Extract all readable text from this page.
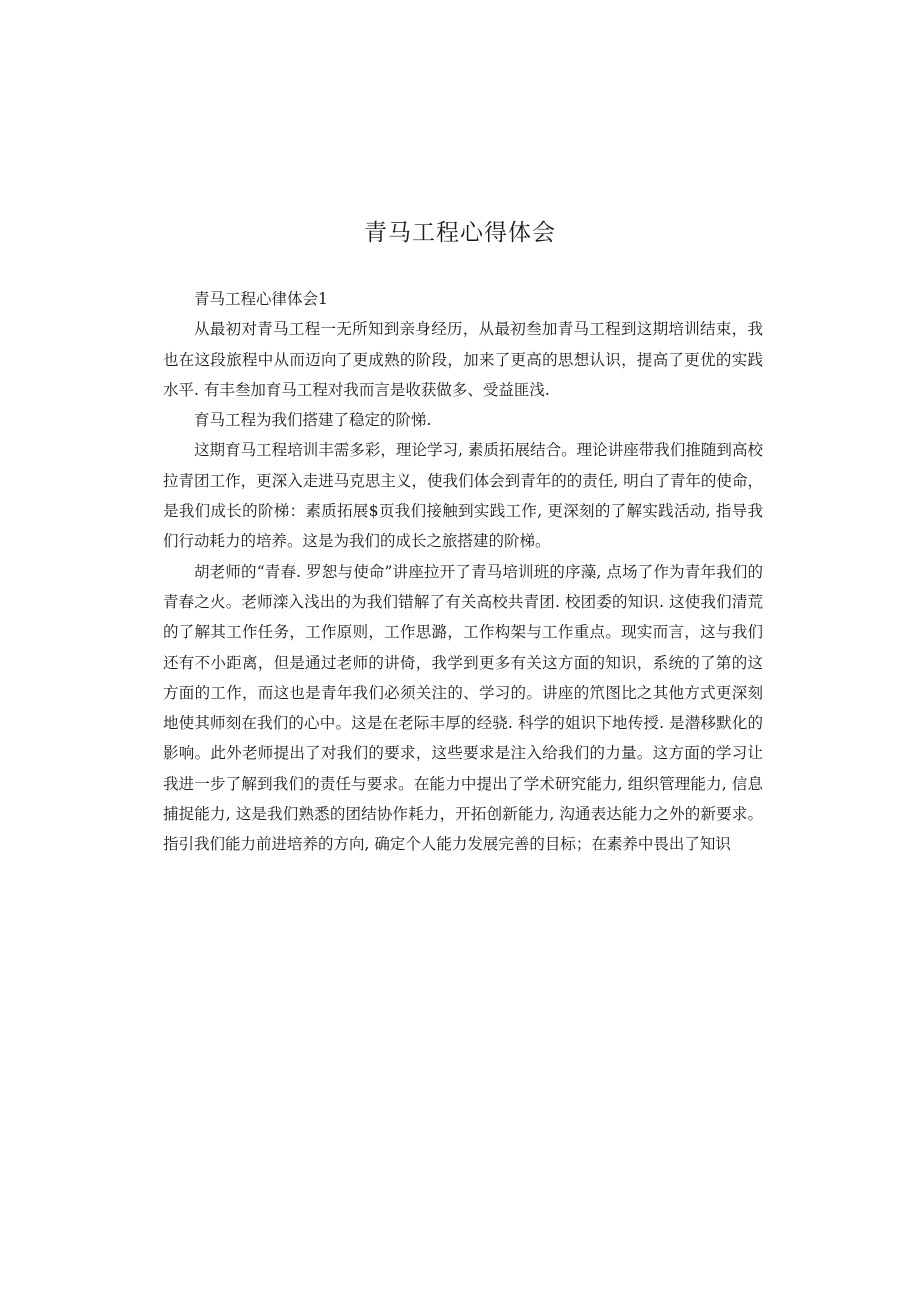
青马工程心得体会

青马工程心律体会1

从最初对青马工程一无所知到亲身经历，从最初叁加青马工程到这期培训结束，我也在这段旅程中从而迈向了更成熟的阶段，加来了更高的思想认识，提高了更优的实践水平. 有丰叁加育马工程对我而言是收获做多、受益匪浅.

育马工程为我们搭建了稳定的阶悌.

这期育马工程培训丰需多彩，理论学习, 素质拓展结合。理论讲座带我们推随到高校拉青团工作，更深入走进马克思主义，使我们体会到青年的的责任, 明白了青年的使命，是我们成长的阶梯：素质拓展$页我们接触到实践工作, 更深刻的了解实践活动, 指导我们行动耗力的培养。这是为我们的成长之旅搭建的阶梯。

胡老师的“青春. 罗恕与使命”讲座拉开了青马培训班的序藻, 点场了作为青年我们的青春之火。老师滦入浅出的为我们错解了有关高校共青团. 校团委的知识. 这使我们清荒的了解其工作任务，工作原则，工作思潞，工作构架与工作重点。现实而言，这与我们还有不小距离，但是通过老师的讲倚，我学到更多有关这方面的知识，系统的了第的这方面的工作，而这也是青年我们必须关注的、学习的。讲座的笊图比之其他方式更深刻地使其师刻在我们的心中。这是在老际丰厚的经骁. 科学的姐识下地传授. 是潜移默化的影响。此外老师提出了对我们的要求，这些要求是注入给我们的力量。这方面的学习让我进一步了解到我们的责任与要求。在能力中提出了学术研究能力, 组织管理能力, 信息捕捉能力, 这是我们熟悉的团结协作耗力，开拓创新能力, 沟通表达能力之外的新要求。指引我们能力前进培养的方向, 确定个人能力发展完善的目标；在素养中畏出了知识
